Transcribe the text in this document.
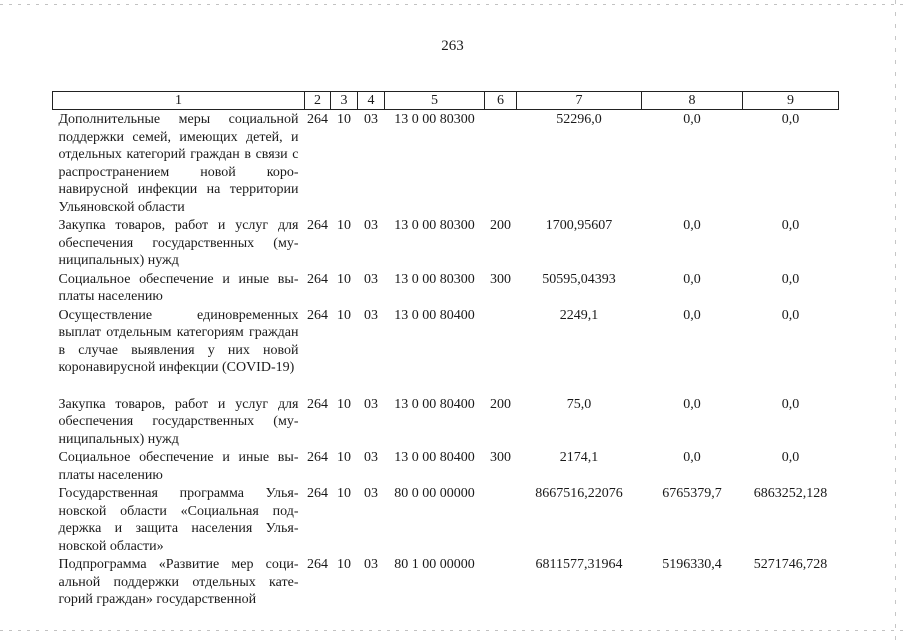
263
1	2	3	4	5	6	7	8	9
Дополнительные меры социальной поддержки семей, имеющих детей, и отдельных категорий граждан в связи с распространением новой коронавирусной инфекции на территории Ульяновской области	264	10	03	13 0 00 80300		52296,0	0,0	0,0
Закупка товаров, работ и услуг для обеспечения государственных (муниципальных) нужд	264	10	03	13 0 00 80300	200	1700,95607	0,0	0,0
Социальное обеспечение и иные выплаты населению	264	10	03	13 0 00 80300	300	50595,04393	0,0	0,0
Осуществление единовременных выплат отдельным категориям граждан в случае выявления у них новой коронавирусной инфекции (COVID-19)	264	10	03	13 0 00 80400		2249,1	0,0	0,0
Закупка товаров, работ и услуг для обеспечения государственных (муниципальных) нужд	264	10	03	13 0 00 80400	200	75,0	0,0	0,0
Социальное обеспечение и иные выплаты населению	264	10	03	13 0 00 80400	300	2174,1	0,0	0,0
Государственная программа Ульяновской области «Социальная поддержка и защита населения Ульяновской области»	264	10	03	80 0 00 00000		8667516,22076	6765379,7	6863252,128
Подпрограмма «Развитие мер социальной поддержки отдельных категорий граждан» государственной	264	10	03	80 1 00 00000		6811577,31964	5196330,4	5271746,728
